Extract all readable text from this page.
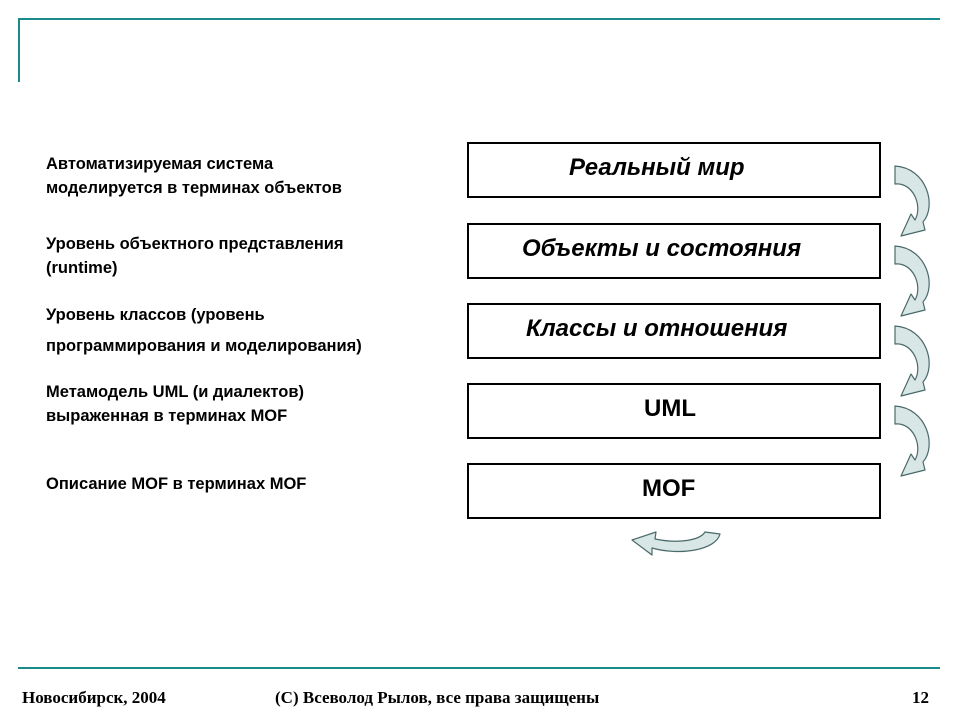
Автоматизируемая система
моделируется в терминах объектов
Реальный мир
Уровень объектного представления
(runtime)
Объекты и состояния
Уровень классов (уровень
программирования и моделирования)
Классы и отношения
Метамодель UML (и диалектов)
выраженная в терминах MOF	UML
Описание MOF в терминах MOF	MOF
Новосибирск, 2004	(C) Всеволод Рылов, все права защищены	12
